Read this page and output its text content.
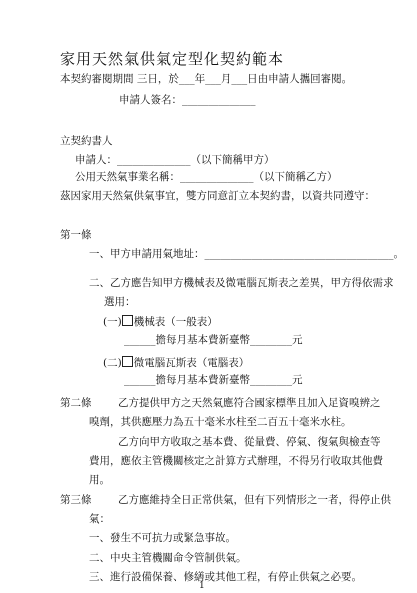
家用天然氣供氣定型化契約範本
本契約審閱期間 三日，於___年___月___日由申請人攜回審閱。
申請人簽名：______________
立契約書人
申請人：______________（以下簡稱甲方）
公用天然氣事業名稱：______________（以下簡稱乙方）
茲因家用天然氣供氣事宜，雙方同意訂立本契約書，以資共同遵守：
第一條
一、甲方申請用氣地址：____________________________________。
二、乙方應告知甲方機械表及微電腦瓦斯表之差異，甲方得依需求
選用：
(一) 機械表（一般表）
______擔每月基本費新臺幣________元
(二) 微電腦瓦斯表（電腦表）
______擔每月基本費新臺幣________元
第二條	乙方提供甲方之天然氣應符合國家標準且加入足資嗅辨之
嗅劑，其供應壓力為五十毫米水柱至二百五十毫米水柱。
乙方向甲方收取之基本費、從量費、停氣、復氣與檢查等
費用，應依主管機關核定之計算方式辦理，不得另行收取其他費
用。
第三條	乙方應維持全日正常供氣，但有下列情形之一者，得停止供
氣：
一、發生不可抗力或緊急事故。
二、中央主管機關命令管制供氣。
三、進行設備保養、修繕或其他工程，有停止供氣之必要。
1
